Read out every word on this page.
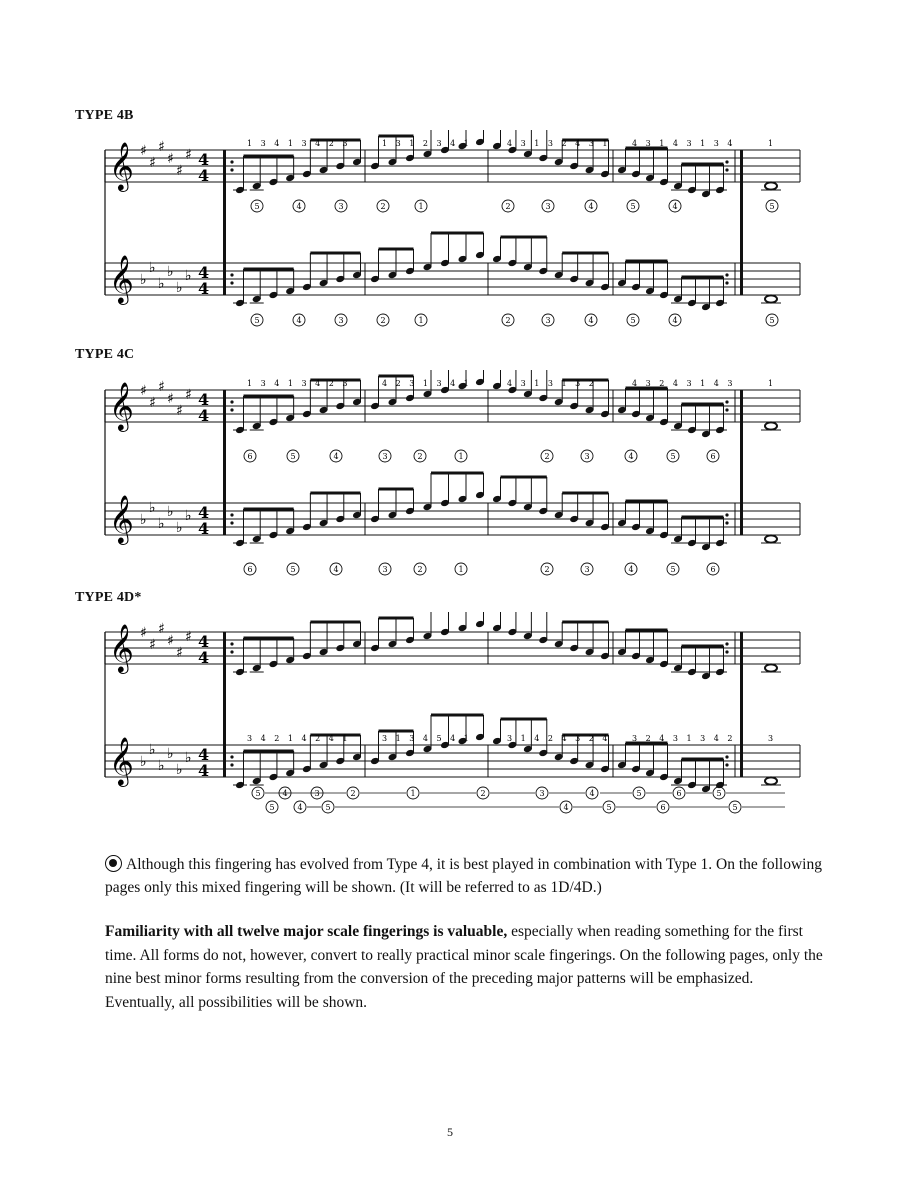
TYPE 4B
TYPE 4C
TYPE 4D*
𝄞 ♯
♯
♯
♯
♯
♯ 4
4
𝄞 ♭
♭
♭
♭
♭
♭ 4
4
1 3 4 1 3 4 2 3	1 3 1 2 3 4 1	4 3 1 3 2 4 3 1	4 3 1 4 3 1 3 4	1
5	4	3	2	1	2	3	4	5	4	5
5	4	3	2	1	2	3	4	5	4	5
𝄞 ♯
♯
♯
♯
♯
♯ 4
4
𝄞 ♭
♭
♭
♭
♭
♭ 4
4
1 3 4 1 3 4 2 3	4 2 3 1 3 4 1	4 3 1 3 1 3 2	4 3 2 4 3 1 4 3	1
6	5	4	3	2	1	2	3	4	5	6
6	5	4	3	2	1	2	3	4	5	6
𝄞 ♯
♯
♯
♯
♯
♯ 4
4
𝄞 ♭
♭
♭
♭
♭
♭ 4
4
3 4 2 1 4 2 4 1	3 1 3 4 5 4 1	3 1 4 2 4 3 2 4	3 2 4 3 1 3 4 2	3
5	4	3	2	1	2	3	4	5	6	5
5	4	5	4	5	6	5
Although this fingering has evolved from Type 4, it is best played in combination with Type 1. On the following pages only this mixed fingering will be shown. (It will be referred to as 1D/4D.)
Familiarity with all twelve major scale fingerings is valuable, especially when reading something for the first time. All forms do not, however, convert to really practical minor scale fingerings. On the following pages, only the nine best minor forms resulting from the conversion of the preceding major patterns will be emphasized. Eventually, all possibilities will be shown.
5
